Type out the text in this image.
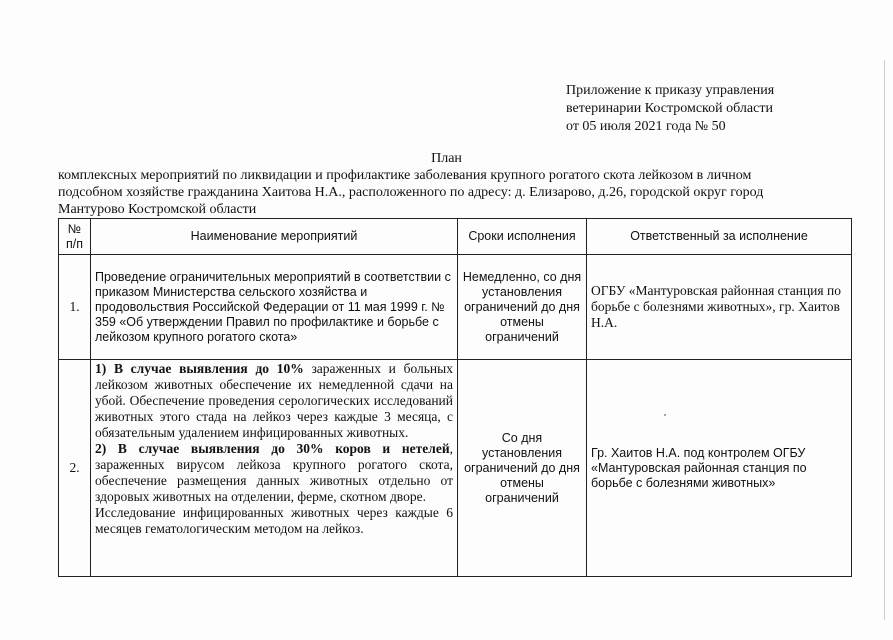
Приложение к приказу управления
ветеринарии Костромской области
от 05 июля 2021 года № 50
План
комплексных мероприятий по ликвидации и профилактике заболевания крупного рогатого скота лейкозом в личном
подсобном хозяйстве гражданина Хаитова Н.А., расположенного по адресу: д. Елизарово, д.26, городской округ город
Мантурово Костромской области
№ п/п	Наименование мероприятий	Сроки исполнения	Ответственный за исполнение
1.	Проведение ограничительных мероприятий в соответствии с приказом Министерства сельского хозяйства и продовольствия Российской Федерации от 11 мая 1999 г. № 359 «Об утверждении Правил по профилактике и борьбе с лейкозом крупного рогатого скота»	Немедленно, со дня установления ограничений до дня отмены ограничений	ОГБУ «Мантуровская районная станция по борьбе с болезнями животных», гр. Хаитов Н.А.
2.	1) В случае выявления до 10% зараженных и больных лейкозом животных обеспечение их немедленной сдачи на убой. Обеспечение проведения серологических исследований животных этого стада на лейкоз через каждые 3 месяца, с обязательным удалением инфицированных животных.

2) В случае выявления до 30% коров и нетелей, зараженных вирусом лейкоза крупного рогатого скота, обеспечение размещения данных животных отдельно от здоровых животных на отделении, ферме, скотном дворе.

Исследование инфицированных животных через каждые 6 месяцев гематологическим методом на лейкоз.	Со дня установления ограничений до дня отмены ограничений	Гр. Хаитов Н.А. под контролем ОГБУ «Мантуровская районная станция по борьбе с болезнями животных»
